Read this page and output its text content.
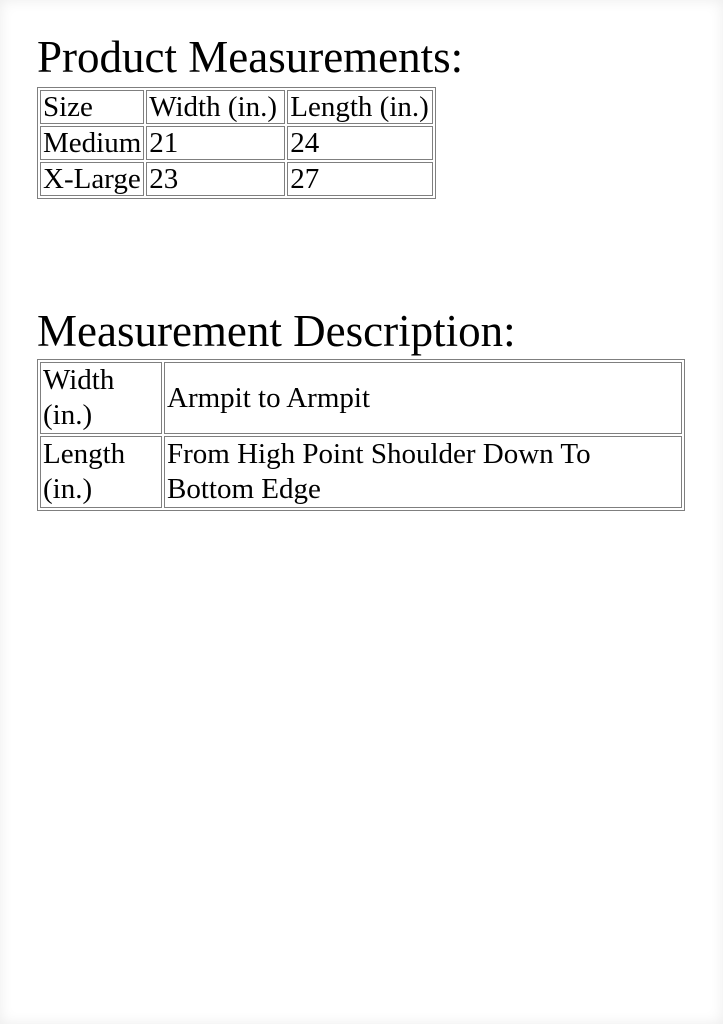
Product Measurements:
Size	Width (in.)	Length (in.)
Medium	21	24
X-Large	23	27
Measurement Description:
Width (in.)	Armpit to Armpit
Length (in.)	From High Point Shoulder Down To Bottom Edge
